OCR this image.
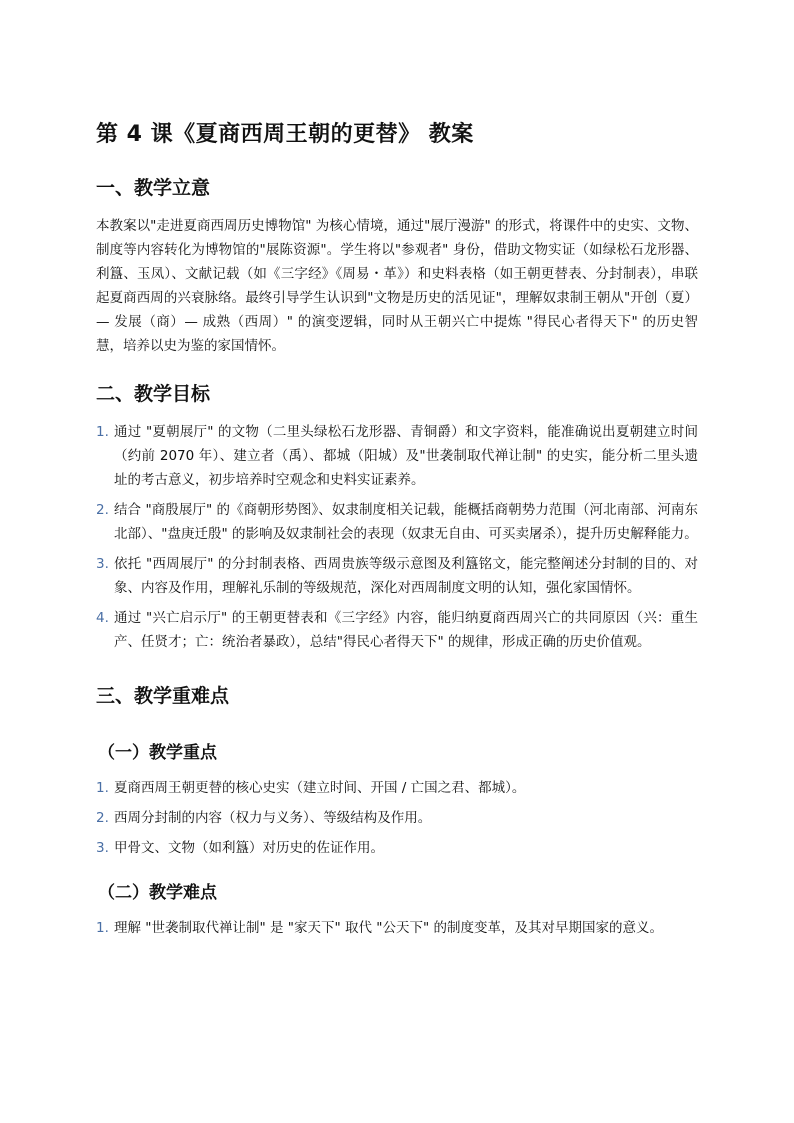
第 4 课《夏商西周王朝的更替》 教案
一、教学立意
本教案以"走进夏商西周历史博物馆" 为核心情境，通过"展厅漫游" 的形式，将课件中的史实、文物、制度等内容转化为博物馆的"展陈资源"。学生将以"参观者" 身份，借助文物实证（如绿松石龙形器、利簋、玉凤）、文献记载（如《三字经》《周易・革》）和史料表格（如王朝更替表、分封制表），串联起夏商西周的兴衰脉络。最终引导学生认识到"文物是历史的活见证"，理解奴隶制王朝从"开创（夏）— 发展（商）— 成熟（西周）" 的演变逻辑，同时从王朝兴亡中提炼 "得民心者得天下" 的历史智慧，培养以史为鉴的家国情怀。
二、教学目标
1. 通过 "夏朝展厅" 的文物（二里头绿松石龙形器、青铜爵）和文字资料，能准确说出夏朝建立时间（约前 2070 年）、建立者（禹）、都城（阳城）及"世袭制取代禅让制" 的史实，能分析二里头遗址的考古意义，初步培养时空观念和史料实证素养。
2. 结合 "商殷展厅" 的《商朝形势图》、奴隶制度相关记载，能概括商朝势力范围（河北南部、河南东北部）、"盘庚迁殷" 的影响及奴隶制社会的表现（奴隶无自由、可买卖屠杀），提升历史解释能力。
3. 依托 "西周展厅" 的分封制表格、西周贵族等级示意图及利簋铭文，能完整阐述分封制的目的、对象、内容及作用，理解礼乐制的等级规范，深化对西周制度文明的认知，强化家国情怀。
4. 通过 "兴亡启示厅" 的王朝更替表和《三字经》内容，能归纳夏商西周兴亡的共同原因（兴：重生产、任贤才；亡：统治者暴政），总结"得民心者得天下" 的规律，形成正确的历史价值观。
三、教学重难点
（一）教学重点
1. 夏商西周王朝更替的核心史实（建立时间、开国 / 亡国之君、都城）。
2. 西周分封制的内容（权力与义务）、等级结构及作用。
3. 甲骨文、文物（如利簋）对历史的佐证作用。
（二）教学难点
1. 理解 "世袭制取代禅让制" 是 "家天下" 取代 "公天下" 的制度变革，及其对早期国家的意义。
